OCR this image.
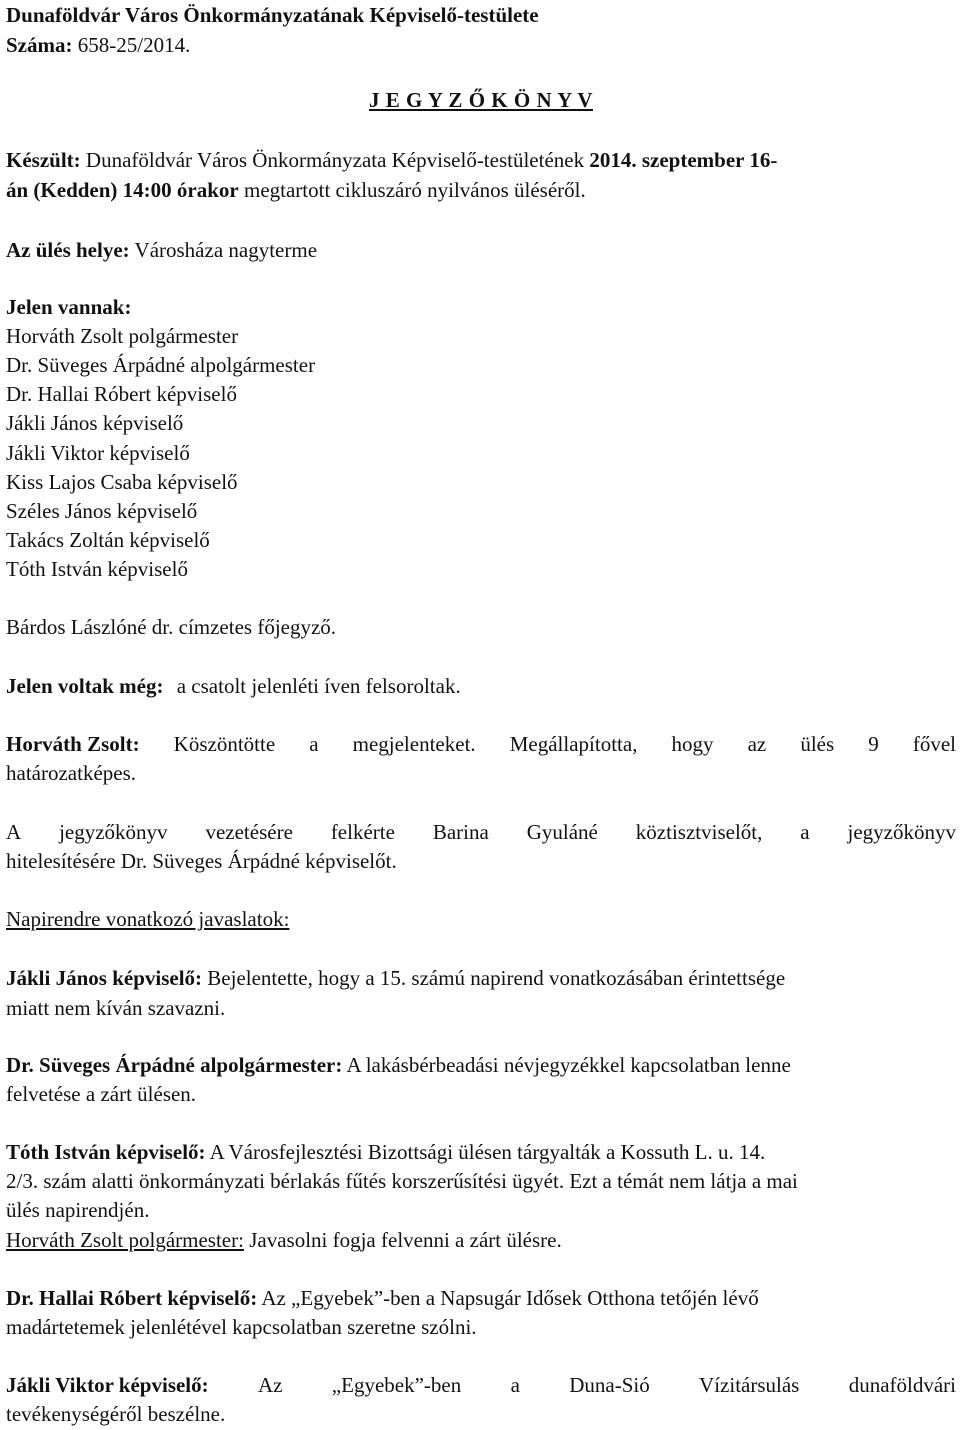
Dunaföldvár Város Önkormányzatának Képviselő-testülete
Száma: 658-25/2014.
J E G Y Z Ő K Ö N Y V
Készült: Dunaföldvár Város Önkormányzata Képviselő-testületének 2014. szeptember 16-
án (Kedden) 14:00 órakor megtartott cikluszáró nyilvános üléséről.
Az ülés helye: Városháza nagyterme
Jelen vannak:
Horváth Zsolt polgármester
Dr. Süveges Árpádné alpolgármester
Dr. Hallai Róbert képviselő
Jákli János képviselő
Jákli Viktor képviselő
Kiss Lajos Csaba képviselő
Széles János képviselő
Takács Zoltán képviselő
Tóth István képviselő
Bárdos Lászlóné dr. címzetes főjegyző.
Jelen voltak még: a csatolt jelenléti íven felsoroltak.
Horváth Zsolt: Köszöntötte a megjelenteket. Megállapította, hogy az ülés 9 fővel
határozatképes.
A jegyzőkönyv vezetésére felkérte Barina Gyuláné köztisztviselőt, a jegyzőkönyv
hitelesítésére Dr. Süveges Árpádné képviselőt.
Napirendre vonatkozó javaslatok:
Jákli János képviselő: Bejelentette, hogy a 15. számú napirend vonatkozásában érintettsége
miatt nem kíván szavazni.
Dr. Süveges Árpádné alpolgármester: A lakásbérbeadási névjegyzékkel kapcsolatban lenne
felvetése a zárt ülésen.
Tóth István képviselő: A Városfejlesztési Bizottsági ülésen tárgyalták a Kossuth L. u. 14.
2/3. szám alatti önkormányzati bérlakás fűtés korszerűsítési ügyét. Ezt a témát nem látja a mai
ülés napirendjén.
Horváth Zsolt polgármester: Javasolni fogja felvenni a zárt ülésre.
Dr. Hallai Róbert képviselő: Az „Egyebek”-ben a Napsugár Idősek Otthona tetőjén lévő
madártetemek jelenlétével kapcsolatban szeretne szólni.
Jákli Viktor képviselő: Az „Egyebek”-ben a Duna-Sió Vízitársulás dunaföldvári
tevékenységéről beszélne.
